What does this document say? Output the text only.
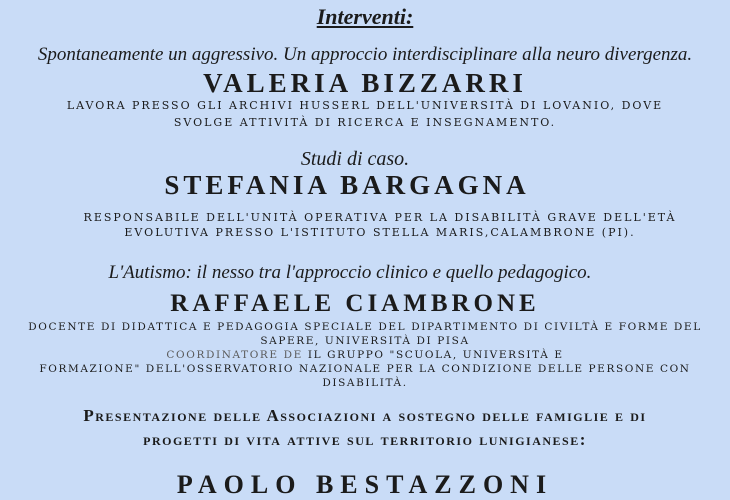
Interventi:
Spontaneamente un aggressivo. Un approccio interdisciplinare alla neuro divergenza.
VALERIA BIZZARRI
LAVORA PRESSO GLI ARCHIVI HUSSERL DELL'UNIVERSITÀ DI LOVANIO, DOVE
SVOLGE ATTIVITÀ DI RICERCA E INSEGNAMENTO.
Studi di caso.
STEFANIA BARGAGNA
RESPONSABILE DELL'UNITÀ OPERATIVA PER LA DISABILITÀ GRAVE DELL'ETÀ
EVOLUTIVA PRESSO L'ISTITUTO STELLA MARIS,CALAMBRONE (PI).
L'Autismo: il nesso tra l'approccio clinico e quello pedagogico.
RAFFAELE CIAMBRONE
DOCENTE DI DIDATTICA E PEDAGOGIA SPECIALE DEL DIPARTIMENTO DI CIVILTÀ E FORME DEL
SAPERE, UNIVERSITÀ DI PISA
COORDINATORE DE IL GRUPPO "SCUOLA, UNIVERSITÀ E
FORMAZIONE" DELL'OSSERVATORIO NAZIONALE PER LA CONDIZIONE DELLE PERSONE CON
DISABILITÀ.
Presentazione delle Associazioni a sostegno delle famiglie e di
progetti di vita attive sul territorio lunigianese:
PAOLO BESTAZZONI
